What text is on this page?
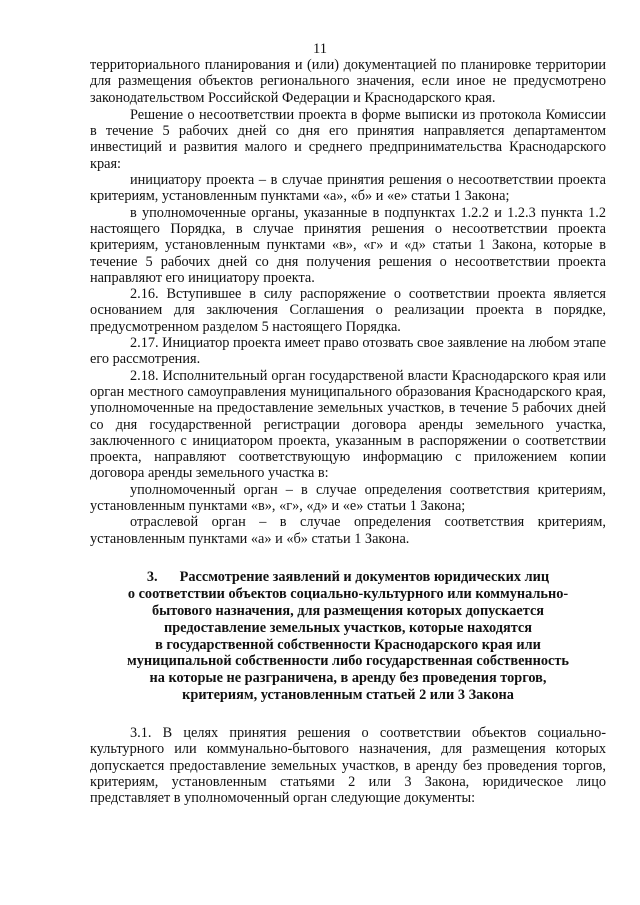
11

территориального планирования и (или) документацией по планировке территории для размещения объектов регионального значения, если иное не предусмотрено законодательством Российской Федерации и Краснодарского края.

Решение о несоответствии проекта в форме выписки из протокола Комиссии в течение 5 рабочих дней со дня его принятия направляется департаментом инвестиций и развития малого и среднего предпринимательства Краснодарского края:

инициатору проекта – в случае принятия решения о несоответствии проекта критериям, установленным пунктами «а», «б» и «е» статьи 1 Закона;

в уполномоченные органы, указанные в подпунктах 1.2.2 и 1.2.3 пункта 1.2 настоящего Порядка, в случае принятия решения о несоответствии проекта критериям, установленным пунктами «в», «г» и «д» статьи 1 Закона, которые в течение 5 рабочих дней со дня получения решения о несоответствии проекта направляют его инициатору проекта.

2.16. Вступившее в силу распоряжение о соответствии проекта является основанием для заключения Соглашения о реализации проекта в порядке, предусмотренном разделом 5 настоящего Порядка.

2.17. Инициатор проекта имеет право отозвать свое заявление на любом этапе его рассмотрения.

2.18. Исполнительный орган государственой власти Краснодарского края или орган местного самоуправления муниципального образования Краснодарского края, уполномоченные на предоставление земельных участков, в течение 5 рабочих дней со дня государственной регистрации договора аренды земельного участка, заключенного с инициатором проекта, указанным в распоряжении о соответствии проекта, направляют соответствующую информацию с приложением копии договора аренды земельного участка в:

уполномоченный орган – в случае определения соответствия критериям, установленным пунктами «в», «г», «д» и «е» статьи 1 Закона;

отраслевой орган – в случае определения соответствия критериям, установленным пунктами «а» и «б» статьи 1 Закона.

3. Рассмотрение заявлений и документов юридических лиц
о соответствии объектов социально-культурного или коммунально-
бытового назначения, для размещения которых допускается
предоставление земельных участков, которые находятся
в государственной собственности Краснодарского края или
муниципальной собственности либо государственная собственность
на которые не разграничена, в аренду без проведения торгов,
критериям, установленным статьей 2 или 3 Закона

3.1. В целях принятия решения о соответствии объектов социально-культурного или коммунально-бытового назначения, для размещения которых допускается предоставление земельных участков, в аренду без проведения торгов, критериям, установленным статьями 2 или 3 Закона, юридическое лицо представляет в уполномоченный орган следующие документы:
